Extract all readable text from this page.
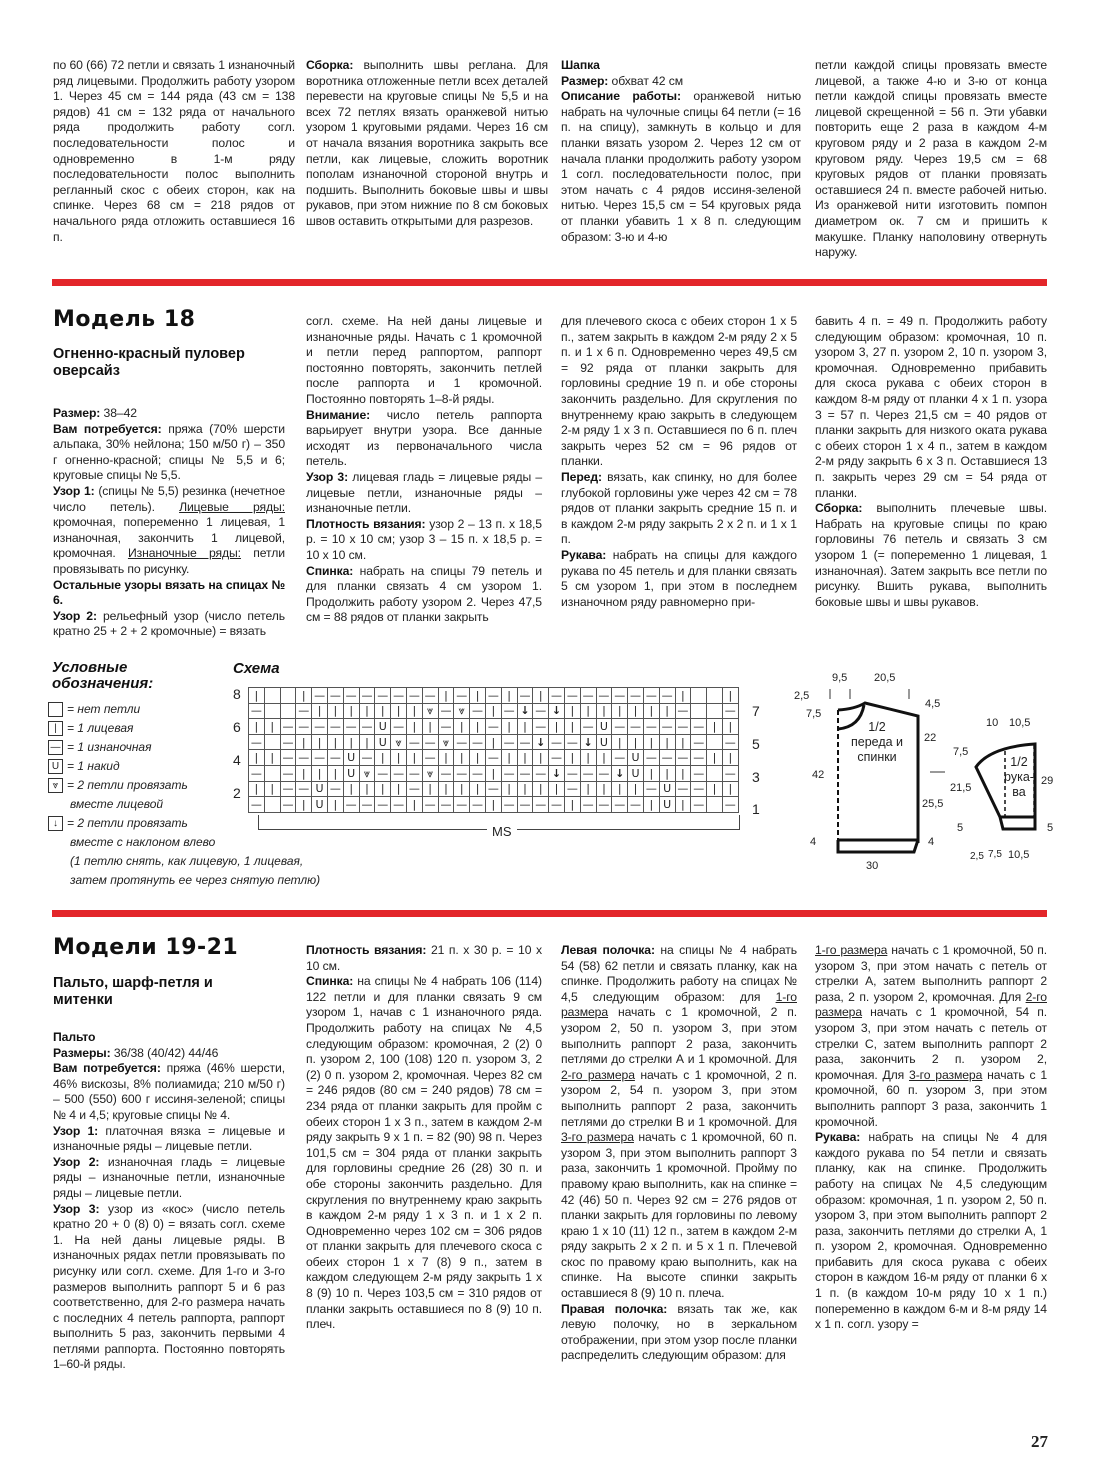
по 60 (66) 72 петли и связать 1 изнаночный ряд лицевыми. Продолжить работу узором 1. Через 45 см = 144 ряда (43 см = 138 рядов) 41 см = 132 ряда от начального ряда продолжить работу согл. последовательности полос и одновременно в 1-м ряду последовательности полос выполнить регланный скос с обеих сторон, как на спинке. Через 68 см = 218 рядов от начального ряда отложить оставшиеся 16 п.

Сборка: выполнить швы реглана. Для воротника отложенные петли всех деталей перевести на круговые спицы № 5,5 и на всех 72 петлях вязать оранжевой нитью узором 1 круговыми рядами. Через 16 см от начала вязания воротника закрыть все петли, как лицевые, сложить воротник пополам изнаночной стороной внутрь и подшить. Выполнить боковые швы и швы рукавов, при этом нижние по 8 см боковых швов оставить открытыми для разрезов.

Шапка

Размер: обхват 42 см

Описание работы: оранжевой нитью набрать на чулочные спицы 64 петли (= 16 п. на спицу), замкнуть в кольцо и для планки вязать узором 2. Через 12 см от начала планки продолжить работу узором 1 согл. последовательности полос, при этом начать с 4 рядов иссиня-зеленой нитью. Через 15,5 см = 54 круговых ряда от планки убавить 1 х 8 п. следующим образом: 3-ю и 4-ю

петли каждой спицы провязать вместе лицевой, а также 4-ю и 3-ю от конца петли каждой спицы провязать вместе лицевой скрещенной = 56 п. Эти убавки повторить еще 2 раза в каждом 4-м круговом ряду и 2 раза в каждом 2-м круговом ряду. Через 19,5 см = 68 круговых рядов от планки провязать оставшиеся 24 п. вместе рабочей нитью. Из оранжевой нити изготовить помпон диаметром ок. 7 см и пришить к макушке. Планку наполовину отвернуть наружу.

Модель 18
Огненно-красный пуловер оверсайз

Размер: 38–42

Вам потребуется: пряжа (70% шерсти альпака, 30% нейлона; 150 м/50 г) – 350 г огненно-красной; спицы № 5,5 и 6; круговые спицы № 5,5.

Узор 1: (спицы № 5,5) резинка (нечетное число петель). Лицевые ряды: кромочная, попеременно 1 лицевая, 1 изнаночная, закончить 1 лицевой, кромочная. Изнаночные ряды: петли провязывать по рисунку.

Остальные узоры вязать на спицах № 6.

Узор 2: рельефный узор (число петель кратно 25 + 2 + 2 кромочные) = вязать

согл. схеме. На ней даны лицевые и изнаночные ряды. Начать с 1 кромочной и петли перед раппортом, раппорт постоянно повторять, закончить петлей после раппорта и 1 кромочной. Постоянно повторять 1–8-й ряды.

Внимание: число петель раппорта варьирует внутри узора. Все данные исходят из первоначального числа петель.

Узор 3: лицевая гладь = лицевые ряды – лицевые петли, изнаночные ряды – изнаночные петли.

Плотность вязания: узор 2 – 13 п. х 18,5 р. = 10 х 10 см; узор 3 – 15 п. х 18,5 р. = 10 х 10 см.

Спинка: набрать на спицы 79 петель и для планки связать 4 см узором 1. Продолжить работу узором 2. Через 47,5 см = 88 рядов от планки закрыть

для плечевого скоса с обеих сторон 1 х 5 п., затем закрыть в каждом 2-м ряду 2 х 5 п. и 1 х 6 п. Одновременно через 49,5 см = 92 ряда от планки закрыть для горловины средние 19 п. и обе стороны закончить раздельно. Для скругления по внутреннему краю закрыть в следующем 2-м ряду 1 х 3 п. Оставшиеся по 6 п. плеч закрыть через 52 см = 96 рядов от планки.

Перед: вязать, как спинку, но для более глубокой горловины уже через 42 см = 78 рядов от планки закрыть средние 15 п. и в каждом 2-м ряду закрыть 2 х 2 п. и 1 х 1 п.

Рукава: набрать на спицы для каждого рукава по 45 петель и для планки связать 5 см узором 1, при этом в последнем изнаночном ряду равномерно при-

бавить 4 п. = 49 п. Продолжить работу следующим образом: кромочная, 10 п. узором 3, 27 п. узором 2, 10 п. узором 3, кромочная. Одновременно прибавить для скоса рукава с обеих сторон в каждом 8-м ряду от планки 4 х 1 п. узора 3 = 57 п. Через 21,5 см = 40 рядов от планки закрыть для низкого оката рукава с обеих сторон 1 х 4 п., затем в каждом 2-м ряду закрыть 6 х 3 п. Оставшиеся 13 п. закрыть через 29 см = 54 ряда от планки.

Сборка: выполнить плечевые швы. Набрать на круговые спицы по краю горловины 76 петель и связать 3 см узором 1 (= попеременно 1 лицевая, 1 изнаночная). Затем закрыть все петли по рисунку. Вшить рукава, выполнить боковые швы и швы рукавов.

Условные
обозначения:
= нет петли
| = 1 лицевая
— = 1 изнаночная
U = 1 накид
⩔ = 2 петли провязать
вместе лицевой
↓ = 2 петли провязать
вместе с наклоном влево
(1 петлю снять, как лицевую, 1 лицевая,
затем протянуть ее через снятую петлю)
Схема
8
6
4
2
7
5
3
1
|			|	—	—	—	—	—	—	—	—	|	—	|	—	|	—	|	—	—	—	—	—	—	—	—	|			|
—			—	|	|	|	|	|	|	|	⩔	—	⩔	—	|	—	↓	—	↓	|	|	|	|	|	|	|	—			—
|	|	—	—	—	—	—	—	U	—	|	|	—	|	|	—	|	|	—	|	|	—	U	—	—	—	—	—	—	|	|
—		—	|	|	|	|	|	U	⩔	—	—	⩔	—	—	|	—	—	↓	—	—	↓	U	|	|	|	|	|	—		—
|	|	—	—	—	—	U	—	|	|	|	—	|	|	|	—	|	|	|	—	|	|	|	—	U	—	—	—	—	|	|
—		—	|	|	|	U	⩔	—	—	—	⩔	—	—	—	|	—	—	—	↓	—	—	—	↓	U	|	|	|	—		—
|	|	—	—	U	—	|	|	|	|	—	|	|	|	|	—	|	|	|	|	—	|	|	|	|	—	U	—	—	|	|
—		—	|	U	|	—	—	—	—	|	—	—	—	—	|	—	—	—	—	|	—	—	—	—	|	U	|	—		—
MS
9,5 20,5
2,5
7,5
4,5
22
42
25,5
4	4
30
1/2
переда и
спинки
10 10,5
7,5
21,5
29
5	5
2,5 7,5 10,5
1/2
рука-
ва
Модели 19-21
Пальто, шарф-петля и митенки

Пальто

Размеры: 36/38 (40/42) 44/46

Вам потребуется: пряжа (46% шерсти, 46% вискозы, 8% полиамида; 210 м/50 г) – 500 (550) 600 г иссиня-зеленой; спицы № 4 и 4,5; круговые спицы № 4.

Узор 1: платочная вязка = лицевые и изнаночные ряды – лицевые петли.

Узор 2: изнаночная гладь = лицевые ряды – изнаночные петли, изнаночные ряды – лицевые петли.

Узор 3: узор из «кос» (число петель кратно 20 + 0 (8) 0) = вязать согл. схеме 1. На ней даны лицевые ряды. В изнаночных рядах петли провязывать по рисунку или согл. схеме. Для 1-го и 3-го размеров выполнить раппорт 5 и 6 раз соответственно, для 2-го размера начать с последних 4 петель раппорта, раппорт выполнить 5 раз, закончить первыми 4 петлями раппорта. Постоянно повторять 1–60-й ряды.

Плотность вязания: 21 п. х 30 р. = 10 х 10 см.

Спинка: на спицы № 4 набрать 106 (114) 122 петли и для планки связать 9 см узором 1, начав с 1 изнаночного ряда. Продолжить работу на спицах № 4,5 следующим образом: кромочная, 2 (2) 0 п. узором 2, 100 (108) 120 п. узором 3, 2 (2) 0 п. узором 2, кромочная. Через 82 см = 246 рядов (80 см = 240 рядов) 78 см = 234 ряда от планки закрыть для пройм с обеих сторон 1 х 3 п., затем в каждом 2-м ряду закрыть 9 х 1 п. = 82 (90) 98 п. Через 101,5 см = 304 ряда от планки закрыть для горловины средние 26 (28) 30 п. и обе стороны закончить раздельно. Для скругления по внутреннему краю закрыть в каждом 2-м ряду 1 х 3 п. и 1 х 2 п. Одновременно через 102 см = 306 рядов от планки закрыть для плечевого скоса с обеих сторон 1 х 7 (8) 9 п., затем в каждом следующем 2-м ряду закрыть 1 х 8 (9) 10 п. Через 103,5 см = 310 рядов от планки закрыть оставшиеся по 8 (9) 10 п. плеч.

Левая полочка: на спицы № 4 набрать 54 (58) 62 петли и связать планку, как на спинке. Продолжить работу на спицах № 4,5 следующим образом: для 1-го размера начать с 1 кромочной, 2 п. узором 2, 50 п. узором 3, при этом выполнить раппорт 2 раза, закончить петлями до стрелки А и 1 кромочной. Для 2-го размера начать с 1 кромочной, 2 п. узором 2, 54 п. узором 3, при этом выполнить раппорт 2 раза, закончить петлями до стрелки В и 1 кромочной. Для 3-го размера начать с 1 кромочной, 60 п. узором 3, при этом выполнить раппорт 3 раза, закончить 1 кромочной. Пройму по правому краю выполнить, как на спинке = 42 (46) 50 п. Через 92 см = 276 рядов от планки закрыть для горловины по левому краю 1 х 10 (11) 12 п., затем в каждом 2-м ряду закрыть 2 х 2 п. и 5 х 1 п. Плечевой скос по правому краю выполнить, как на спинке. На высоте спинки закрыть оставшиеся 8 (9) 10 п. плеча.

Правая полочка: вязать так же, как левую полочку, но в зеркальном отображении, при этом узор после планки распределить следующим образом: для

1-го размера начать с 1 кромочной, 50 п. узором 3, при этом начать с петель от стрелки А, затем выполнить раппорт 2 раза, 2 п. узором 2, кромочная. Для 2-го размера начать с 1 кромочной, 54 п. узором 3, при этом начать с петель от стрелки С, затем выполнить раппорт 2 раза, закончить 2 п. узором 2, кромочная. Для 3-го размера начать с 1 кромочной, 60 п. узором 3, при этом выполнить раппорт 3 раза, закончить 1 кромочной.

Рукава: набрать на спицы № 4 для каждого рукава по 54 петли и связать планку, как на спинке. Продолжить работу на спицах № 4,5 следующим образом: кромочная, 1 п. узором 2, 50 п. узором 3, при этом выполнить раппорт 2 раза, закончить петлями до стрелки А, 1 п. узором 2, кромочная. Одновременно прибавить для скоса рукава с обеих сторон в каждом 16-м ряду от планки 6 х 1 п. (в каждом 10-м ряду 10 х 1 п.) попеременно в каждом 6-м и 8-м ряду 14 х 1 п. согл. узору =

27
